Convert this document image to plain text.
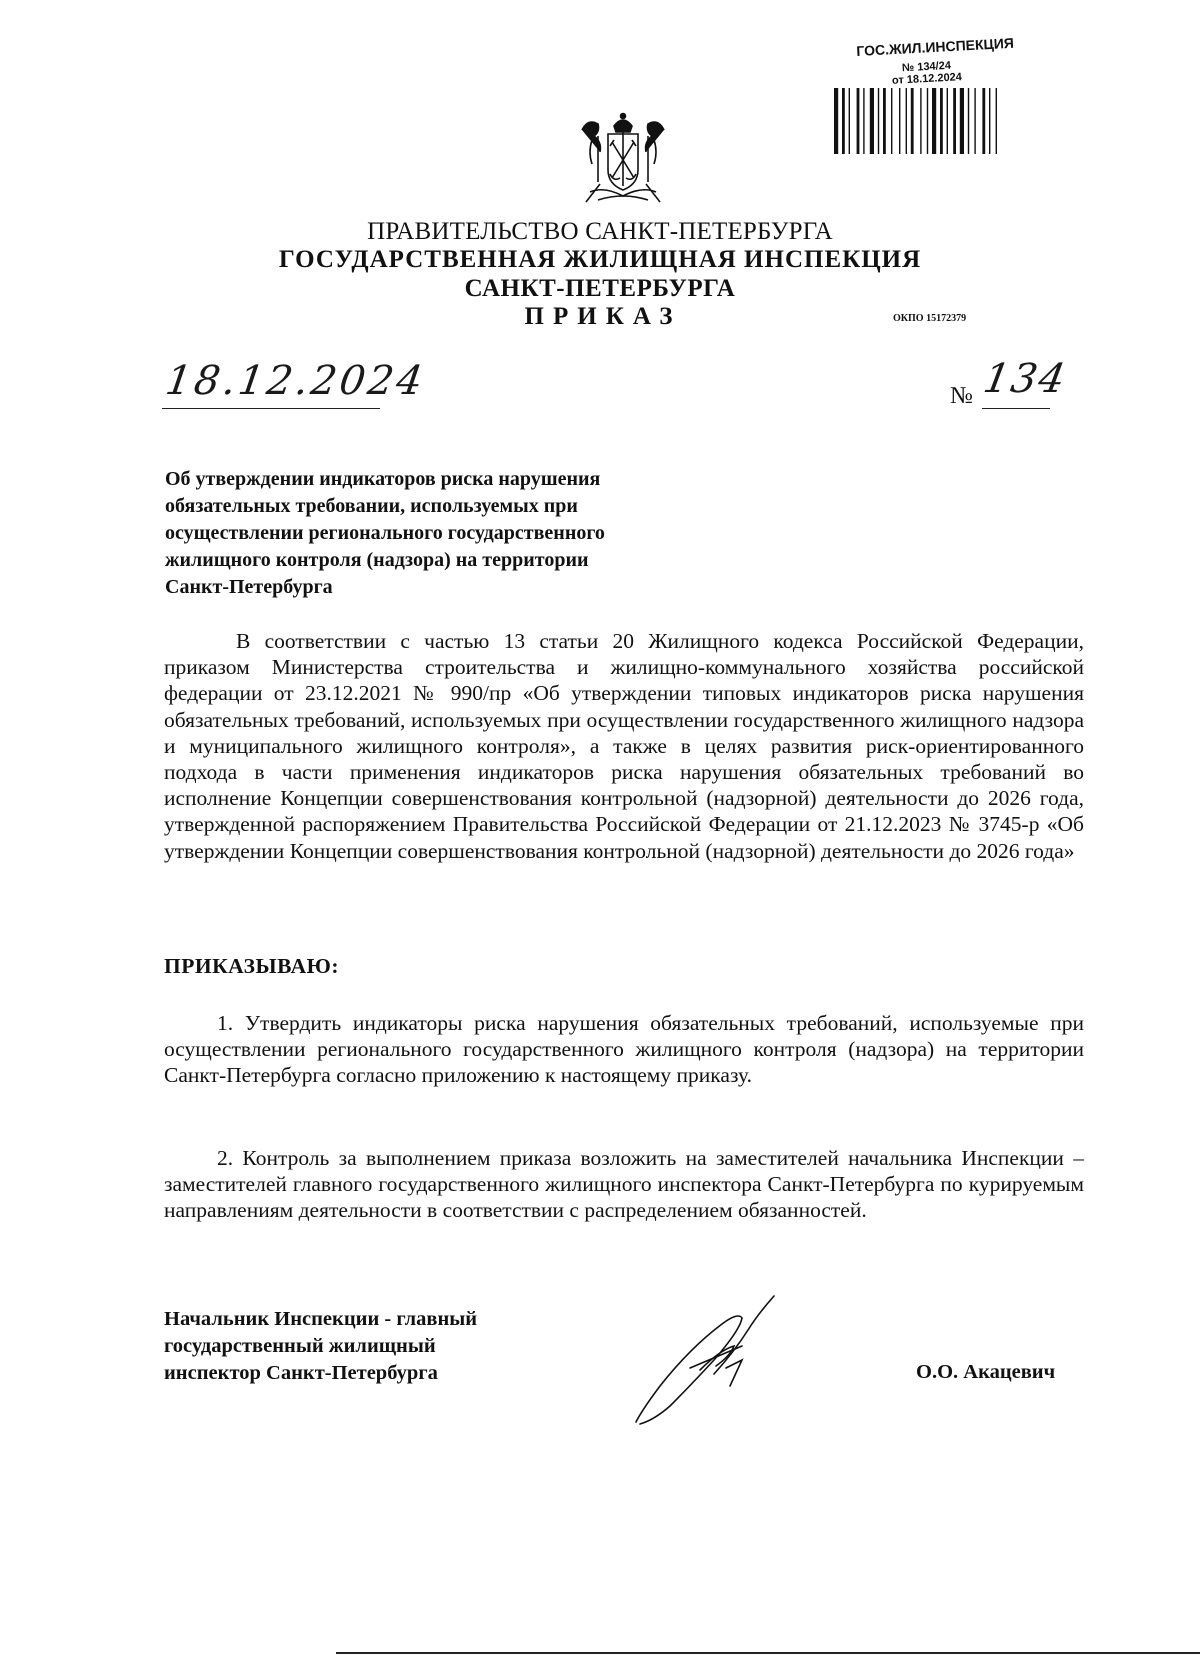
ГОС.ЖИЛ.ИНСПЕКЦИЯ
№ 134/24
от 18.12.2024
ПРАВИТЕЛЬСТВО САНКТ-ПЕТЕРБУРГА
ГОСУДАРСТВЕННАЯ ЖИЛИЩНАЯ ИНСПЕКЦИЯ
САНКТ-ПЕТЕРБУРГА
ПРИКАЗ	ОКПО 15172379
18.12.2024	№ 134
Об утверждении индикаторов риска нарушения
обязательных требовании, используемых при
осуществлении регионального государственного
жилищного контроля (надзора) на территории
Санкт-Петербурга
В соответствии с частью 13 статьи 20 Жилищного кодекса Российской Федерации, приказом Министерства строительства и жилищно-коммунального хозяйства российской федерации от 23.12.2021 № 990/пр «Об утверждении типовых индикаторов риска нарушения обязательных требований, используемых при осуществлении государственного жилищного надзора и муниципального жилищного контроля», а также в целях развития риск-ориентированного подхода в части применения индикаторов риска нарушения обязательных требований во исполнение Концепции совершенствования контрольной (надзорной) деятельности до 2026 года, утвержденной распоряжением Правительства Российской Федерации от 21.12.2023 № 3745-р «Об утверждении Концепции совершенствования контрольной (надзорной) деятельности до 2026 года»
ПРИКАЗЫВАЮ:
1. Утвердить индикаторы риска нарушения обязательных требований, используемые при осуществлении регионального государственного жилищного контроля (надзора) на территории Санкт-Петербурга согласно приложению к настоящему приказу.
2. Контроль за выполнением приказа возложить на заместителей начальника Инспекции – заместителей главного государственного жилищного инспектора Санкт-Петербурга по курируемым направлениям деятельности в соответствии с распределением обязанностей.
Начальник Инспекции - главный
государственный жилищный
инспектор Санкт-Петербурга	О.О. Акацевич
